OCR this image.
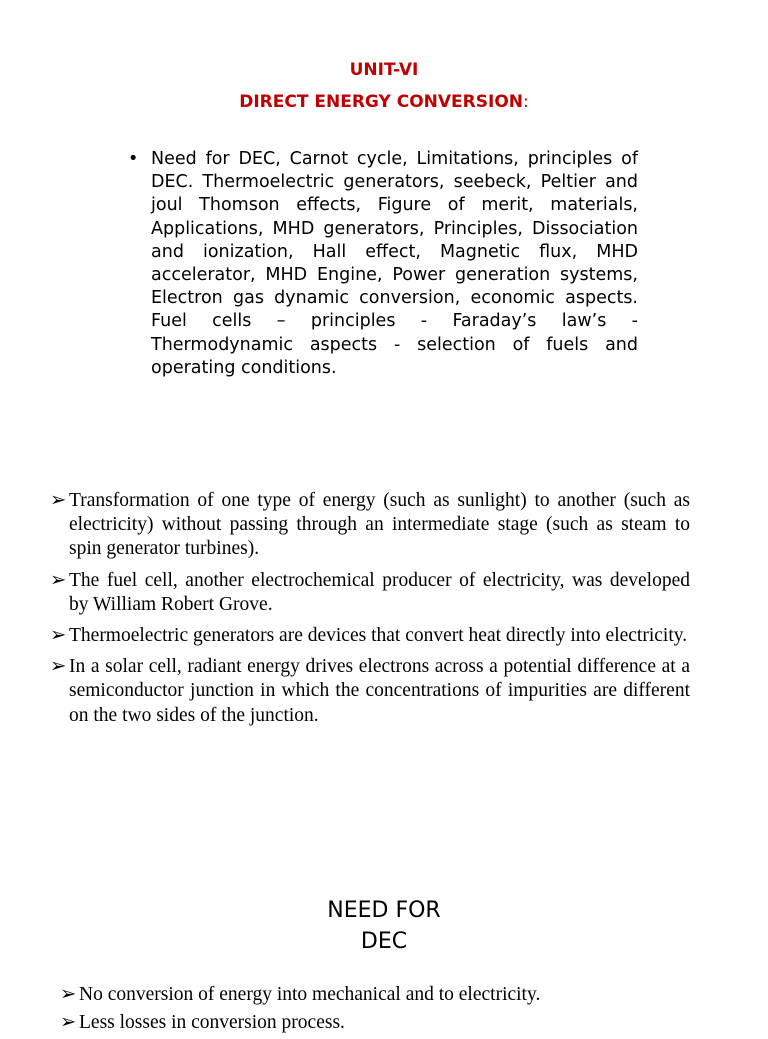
UNIT-VI
DIRECT ENERGY CONVERSION:
• Need for DEC, Carnot cycle, Limitations, principles of DEC. Thermoelectric generators, seebeck, Peltier and joul Thomson effects, Figure of merit, materials, Applications, MHD generators, Principles, Dissociation and ionization, Hall effect, Magnetic flux, MHD accelerator, MHD Engine, Power generation systems, Electron gas dynamic conversion, economic aspects. Fuel cells – principles - Faraday’s law’s - Thermodynamic aspects - selection of fuels and operating conditions.
➢ Transformation of one type of energy (such as sunlight) to another (such as electricity) without passing through an intermediate stage (such as steam to spin generator turbines).
➢ The fuel cell, another electrochemical producer of electricity, was developed by William Robert Grove.
➢ Thermoelectric generators are devices that convert heat directly into electricity.
➢ In a solar cell, radiant energy drives electrons across a potential difference at a semiconductor junction in which the concentrations of impurities are different on the two sides of the junction.
NEED FOR
DEC
➢ No conversion of energy into mechanical and to electricity.
➢ Less losses in conversion process.
